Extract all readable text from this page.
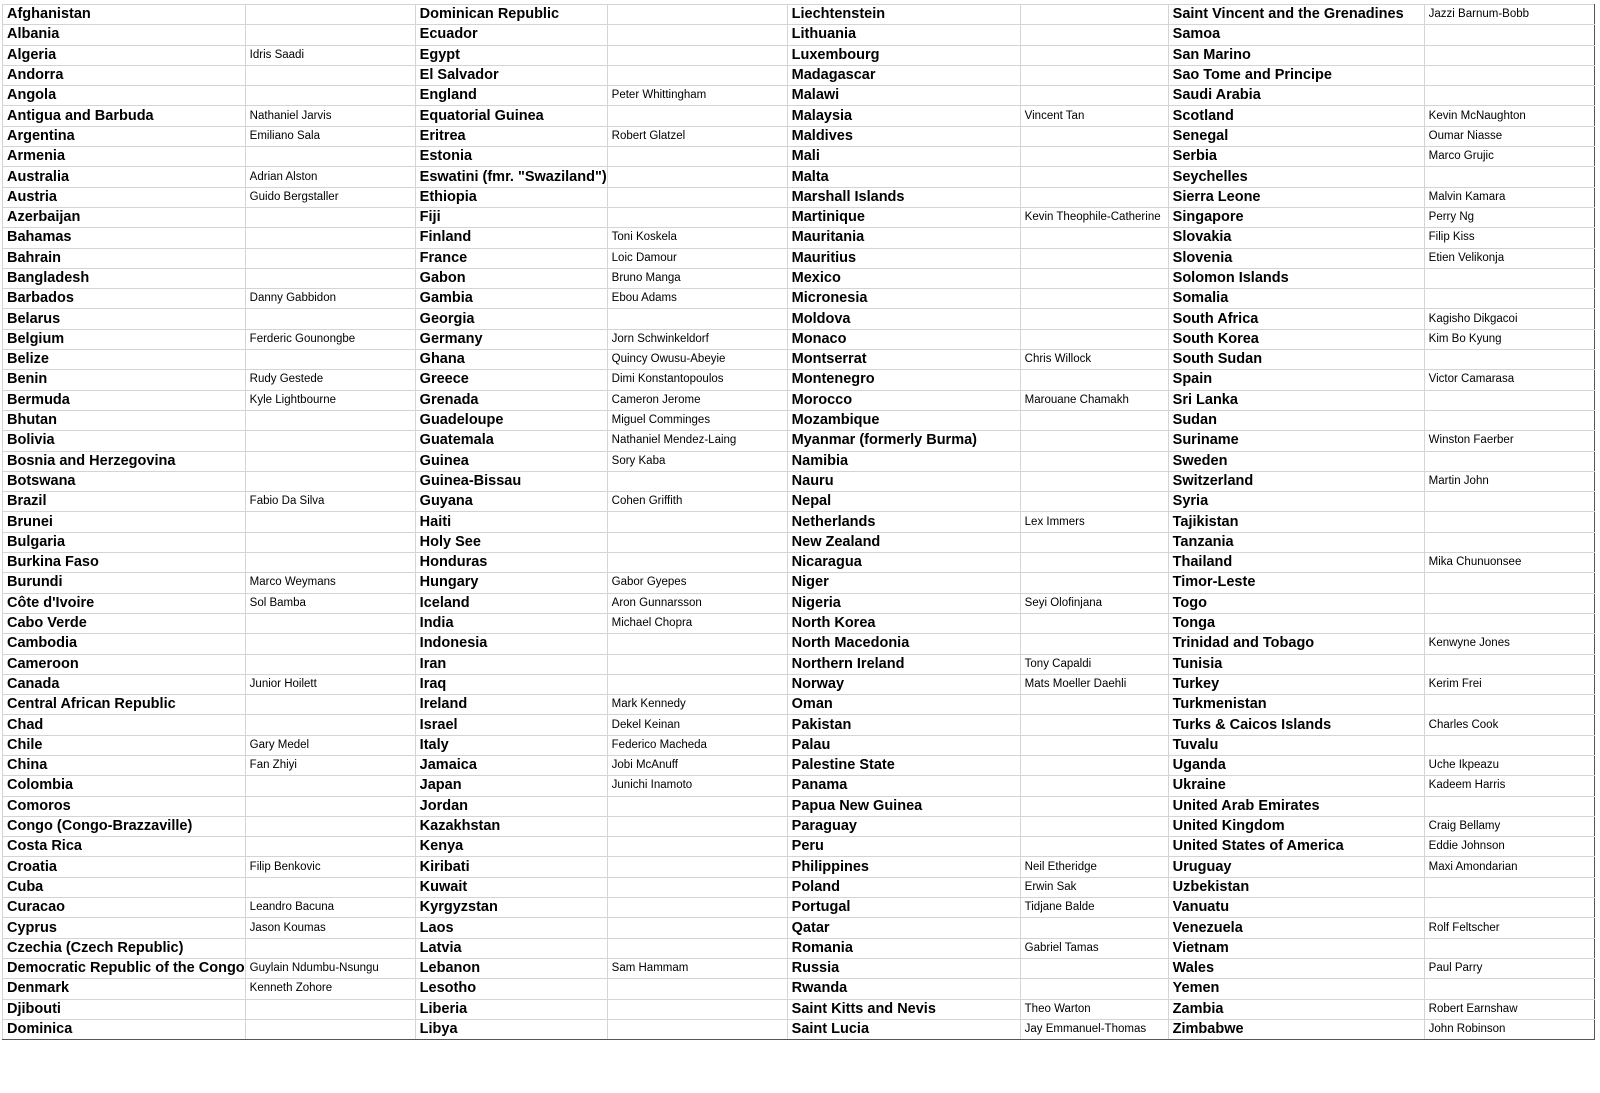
Afghanistan		Dominican Republic		Liechtenstein		Saint Vincent and the Grenadines	Jazzi Barnum-Bobb
Albania		Ecuador		Lithuania		Samoa	
Algeria	Idris Saadi	Egypt		Luxembourg		San Marino	
Andorra		El Salvador		Madagascar		Sao Tome and Principe	
Angola		England	Peter Whittingham	Malawi		Saudi Arabia	
Antigua and Barbuda	Nathaniel Jarvis	Equatorial Guinea		Malaysia	Vincent Tan	Scotland	Kevin McNaughton
Argentina	Emiliano Sala	Eritrea	Robert Glatzel	Maldives		Senegal	Oumar Niasse
Armenia		Estonia		Mali		Serbia	Marco Grujic
Australia	Adrian Alston	Eswatini (fmr. "Swaziland")		Malta		Seychelles	
Austria	Guido Bergstaller	Ethiopia		Marshall Islands		Sierra Leone	Malvin Kamara
Azerbaijan		Fiji		Martinique	Kevin Theophile-Catherine	Singapore	Perry Ng
Bahamas		Finland	Toni Koskela	Mauritania		Slovakia	Filip Kiss
Bahrain		France	Loic Damour	Mauritius		Slovenia	Etien Velikonja
Bangladesh		Gabon	Bruno Manga	Mexico		Solomon Islands	
Barbados	Danny Gabbidon	Gambia	Ebou Adams	Micronesia		Somalia	
Belarus		Georgia		Moldova		South Africa	Kagisho Dikgacoi
Belgium	Ferderic Gounongbe	Germany	Jorn Schwinkeldorf	Monaco		South Korea	Kim Bo Kyung
Belize		Ghana	Quincy Owusu-Abeyie	Montserrat	Chris Willock	South Sudan	
Benin	Rudy Gestede	Greece	Dimi Konstantopoulos	Montenegro		Spain	Victor Camarasa
Bermuda	Kyle Lightbourne	Grenada	Cameron Jerome	Morocco	Marouane Chamakh	Sri Lanka	
Bhutan		Guadeloupe	Miguel Comminges	Mozambique		Sudan	
Bolivia		Guatemala	Nathaniel Mendez-Laing	Myanmar (formerly Burma)		Suriname	Winston Faerber
Bosnia and Herzegovina		Guinea	Sory Kaba	Namibia		Sweden	
Botswana		Guinea-Bissau		Nauru		Switzerland	Martin John
Brazil	Fabio Da Silva	Guyana	Cohen Griffith	Nepal		Syria	
Brunei		Haiti		Netherlands	Lex Immers	Tajikistan	
Bulgaria		Holy See		New Zealand		Tanzania	
Burkina Faso		Honduras		Nicaragua		Thailand	Mika Chunuonsee
Burundi	Marco Weymans	Hungary	Gabor Gyepes	Niger		Timor-Leste	
Côte d'Ivoire	Sol Bamba	Iceland	Aron Gunnarsson	Nigeria	Seyi Olofinjana	Togo	
Cabo Verde		India	Michael Chopra	North Korea		Tonga	
Cambodia		Indonesia		North Macedonia		Trinidad and Tobago	Kenwyne Jones
Cameroon		Iran		Northern Ireland	Tony Capaldi	Tunisia	
Canada	Junior Hoilett	Iraq		Norway	Mats Moeller Daehli	Turkey	Kerim Frei
Central African Republic		Ireland	Mark Kennedy	Oman		Turkmenistan	
Chad		Israel	Dekel Keinan	Pakistan		Turks & Caicos Islands	Charles Cook
Chile	Gary Medel	Italy	Federico Macheda	Palau		Tuvalu	
China	Fan Zhiyi	Jamaica	Jobi McAnuff	Palestine State		Uganda	Uche Ikpeazu
Colombia		Japan	Junichi Inamoto	Panama		Ukraine	Kadeem Harris
Comoros		Jordan		Papua New Guinea		United Arab Emirates	
Congo (Congo-Brazzaville)		Kazakhstan		Paraguay		United Kingdom	Craig Bellamy
Costa Rica		Kenya		Peru		United States of America	Eddie Johnson
Croatia	Filip Benkovic	Kiribati		Philippines	Neil Etheridge	Uruguay	Maxi Amondarian
Cuba		Kuwait		Poland	Erwin Sak	Uzbekistan	
Curacao	Leandro Bacuna	Kyrgyzstan		Portugal	Tidjane Balde	Vanuatu	
Cyprus	Jason Koumas	Laos		Qatar		Venezuela	Rolf Feltscher
Czechia (Czech Republic)		Latvia		Romania	Gabriel Tamas	Vietnam	
Democratic Republic of the Congo	Guylain Ndumbu-Nsungu	Lebanon	Sam Hammam	Russia		Wales	Paul Parry
Denmark	Kenneth Zohore	Lesotho		Rwanda		Yemen	
Djibouti		Liberia		Saint Kitts and Nevis	Theo Warton	Zambia	Robert Earnshaw
Dominica		Libya		Saint Lucia	Jay Emmanuel-Thomas	Zimbabwe	John Robinson
